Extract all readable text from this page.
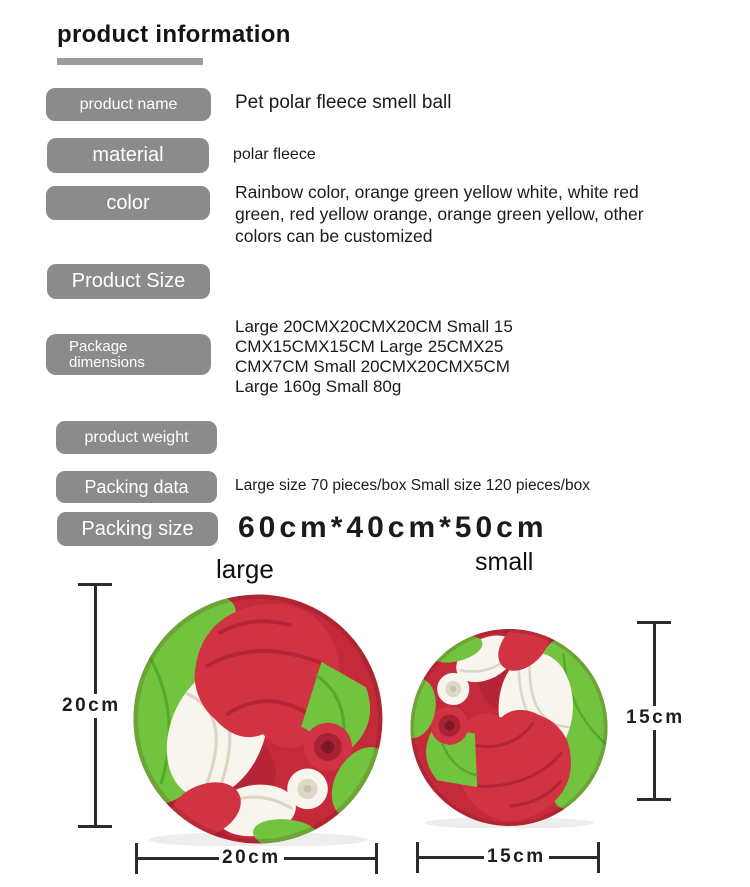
product information
product name
material
color
Product Size
Package dimensions
product weight
Packing data
Packing size
Pet polar fleece smell ball
polar fleece
Rainbow color, orange green yellow white, white red
green, red yellow orange, orange green yellow, other
colors can be customized
Large 20CMX20CMX20CM Small 15
CMX15CMX15CM Large 25CMX25
CMX7CM Small 20CMX20CMX5CM
Large 160g Small 80g
Large size 70 pieces/box Small size 120 pieces/box
60cm*40cm*50cm
large	small
20cm
20cm	15cm
15cm
